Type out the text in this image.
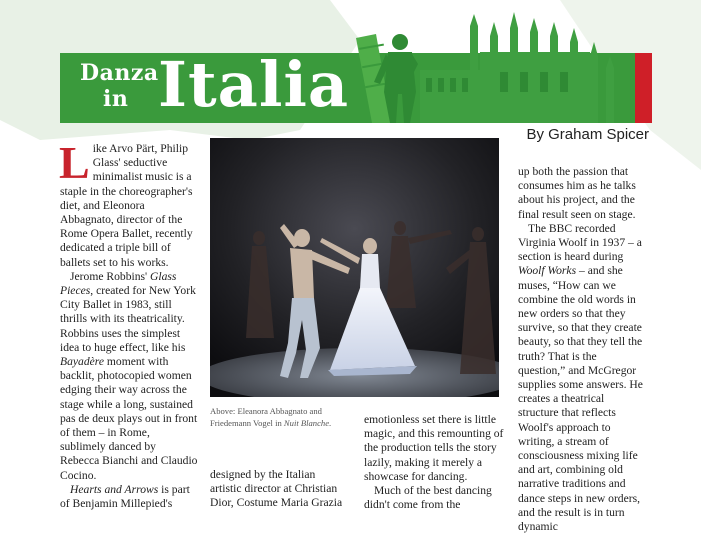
Danza
in Italia
By Graham Spicer

Like Arvo Pärt, Philip Glass' seductive minimalist music is a staple in the choreographer's diet, and Eleonora Abbagnato, director of the Rome Opera Ballet, recently dedicated a triple bill of ballets set to his works.

Jerome Robbins' Glass Pieces, created for New York City Ballet in 1983, still thrills with its theatricality. Robbins uses the simplest idea to huge effect, like his Bayadère moment with backlit, photocopied women edging their way across the stage while a long, sustained pas de deux plays out in front of them – in Rome, sublimely danced by Rebecca Bianchi and Claudio Cocino.

Hearts and Arrows is part of Benjamin Millepied's

Above: Eleanora Abbagnato and Friedemann Vogel in Nuit Blanche.

designed by the Italian artistic director at Christian Dior, Costume Maria Grazia

emotionless set there is little magic, and this remounting of the production tells the story lazily, making it merely a showcase for dancing.

Much of the best dancing didn't come from the

up both the passion that consumes him as he talks about his project, and the final result seen on stage.

The BBC recorded Virginia Woolf in 1937 – a section is heard during Woolf Works – and she muses, “How can we combine the old words in new orders so that they survive, so that they create beauty, so that they tell the truth? That is the question,” and McGregor supplies some answers. He creates a theatrical structure that reflects Woolf's approach to writing, a stream of consciousness mixing life and art, combining old narrative traditions and dance steps in new orders, and the result is in turn dynamic
